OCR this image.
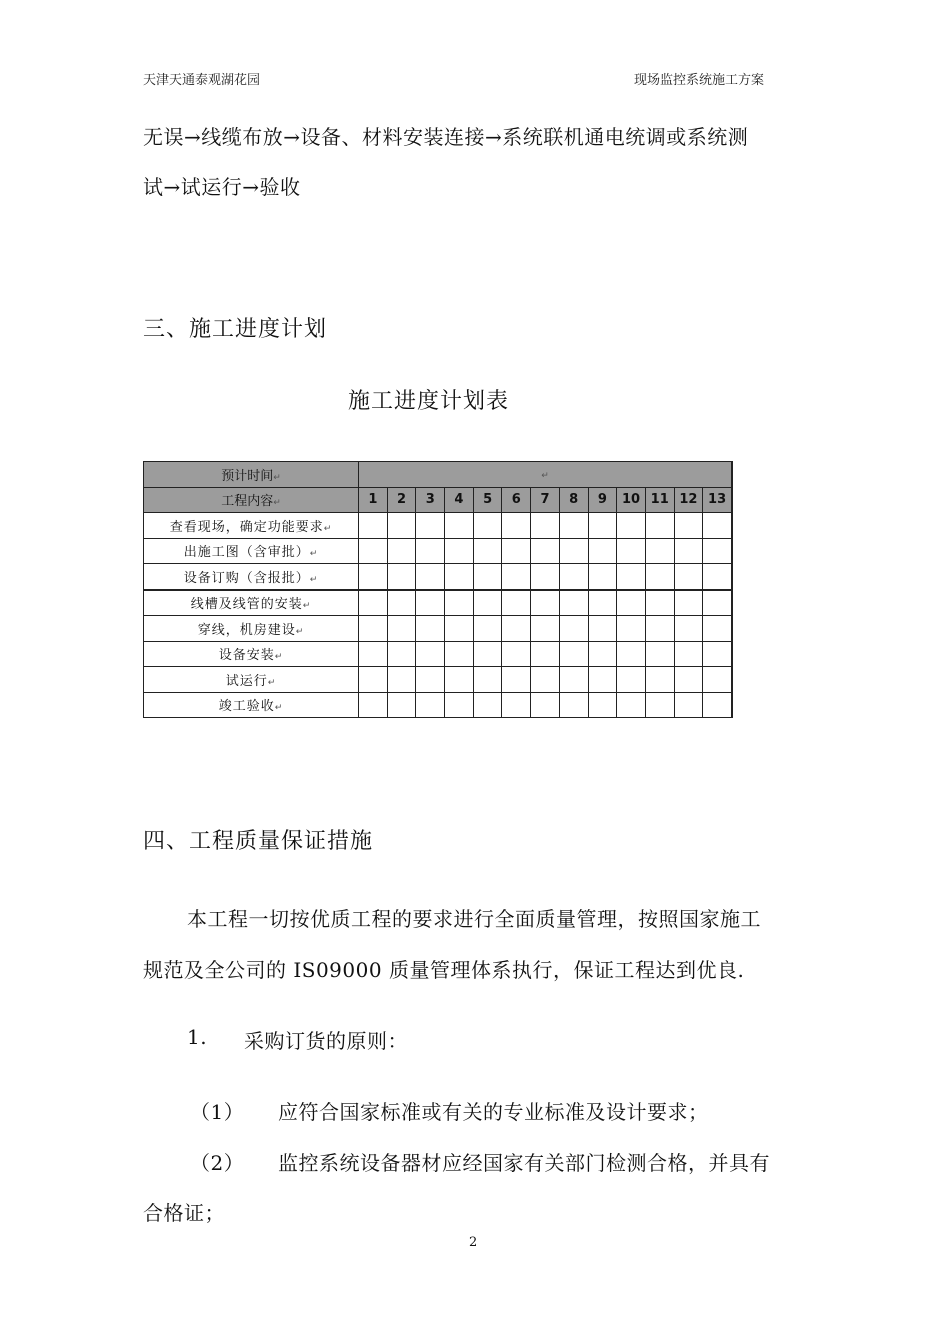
天津天通泰观湖花园	现场监控系统施工方案
无误→线缆布放→设备、材料安装连接→系统联机通电统调或系统测
试→试运行→验收
三、施工进度计划
施工进度计划表
预计时间↵	↵												
工程内容↵	1	2	3	4	5	6	7	8	9	10	11	12	13
查看现场，确定功能要求↵													
出施工图（含审批）↵													
设备订购（含报批）↵													
线槽及线管的安装↵													
穿线，机房建设↵													
设备安装↵													
试运行↵													
竣工验收↵													
四、工程质量保证措施
本工程一切按优质工程的要求进行全面质量管理，按照国家施工
规范及全公司的 IS09000 质量管理体系执行，保证工程达到优良.
1. 采购订货的原则：
（1） 应符合国家标准或有关的专业标准及设计要求；
（2） 监控系统设备器材应经国家有关部门检测合格，并具有
合格证；
2
